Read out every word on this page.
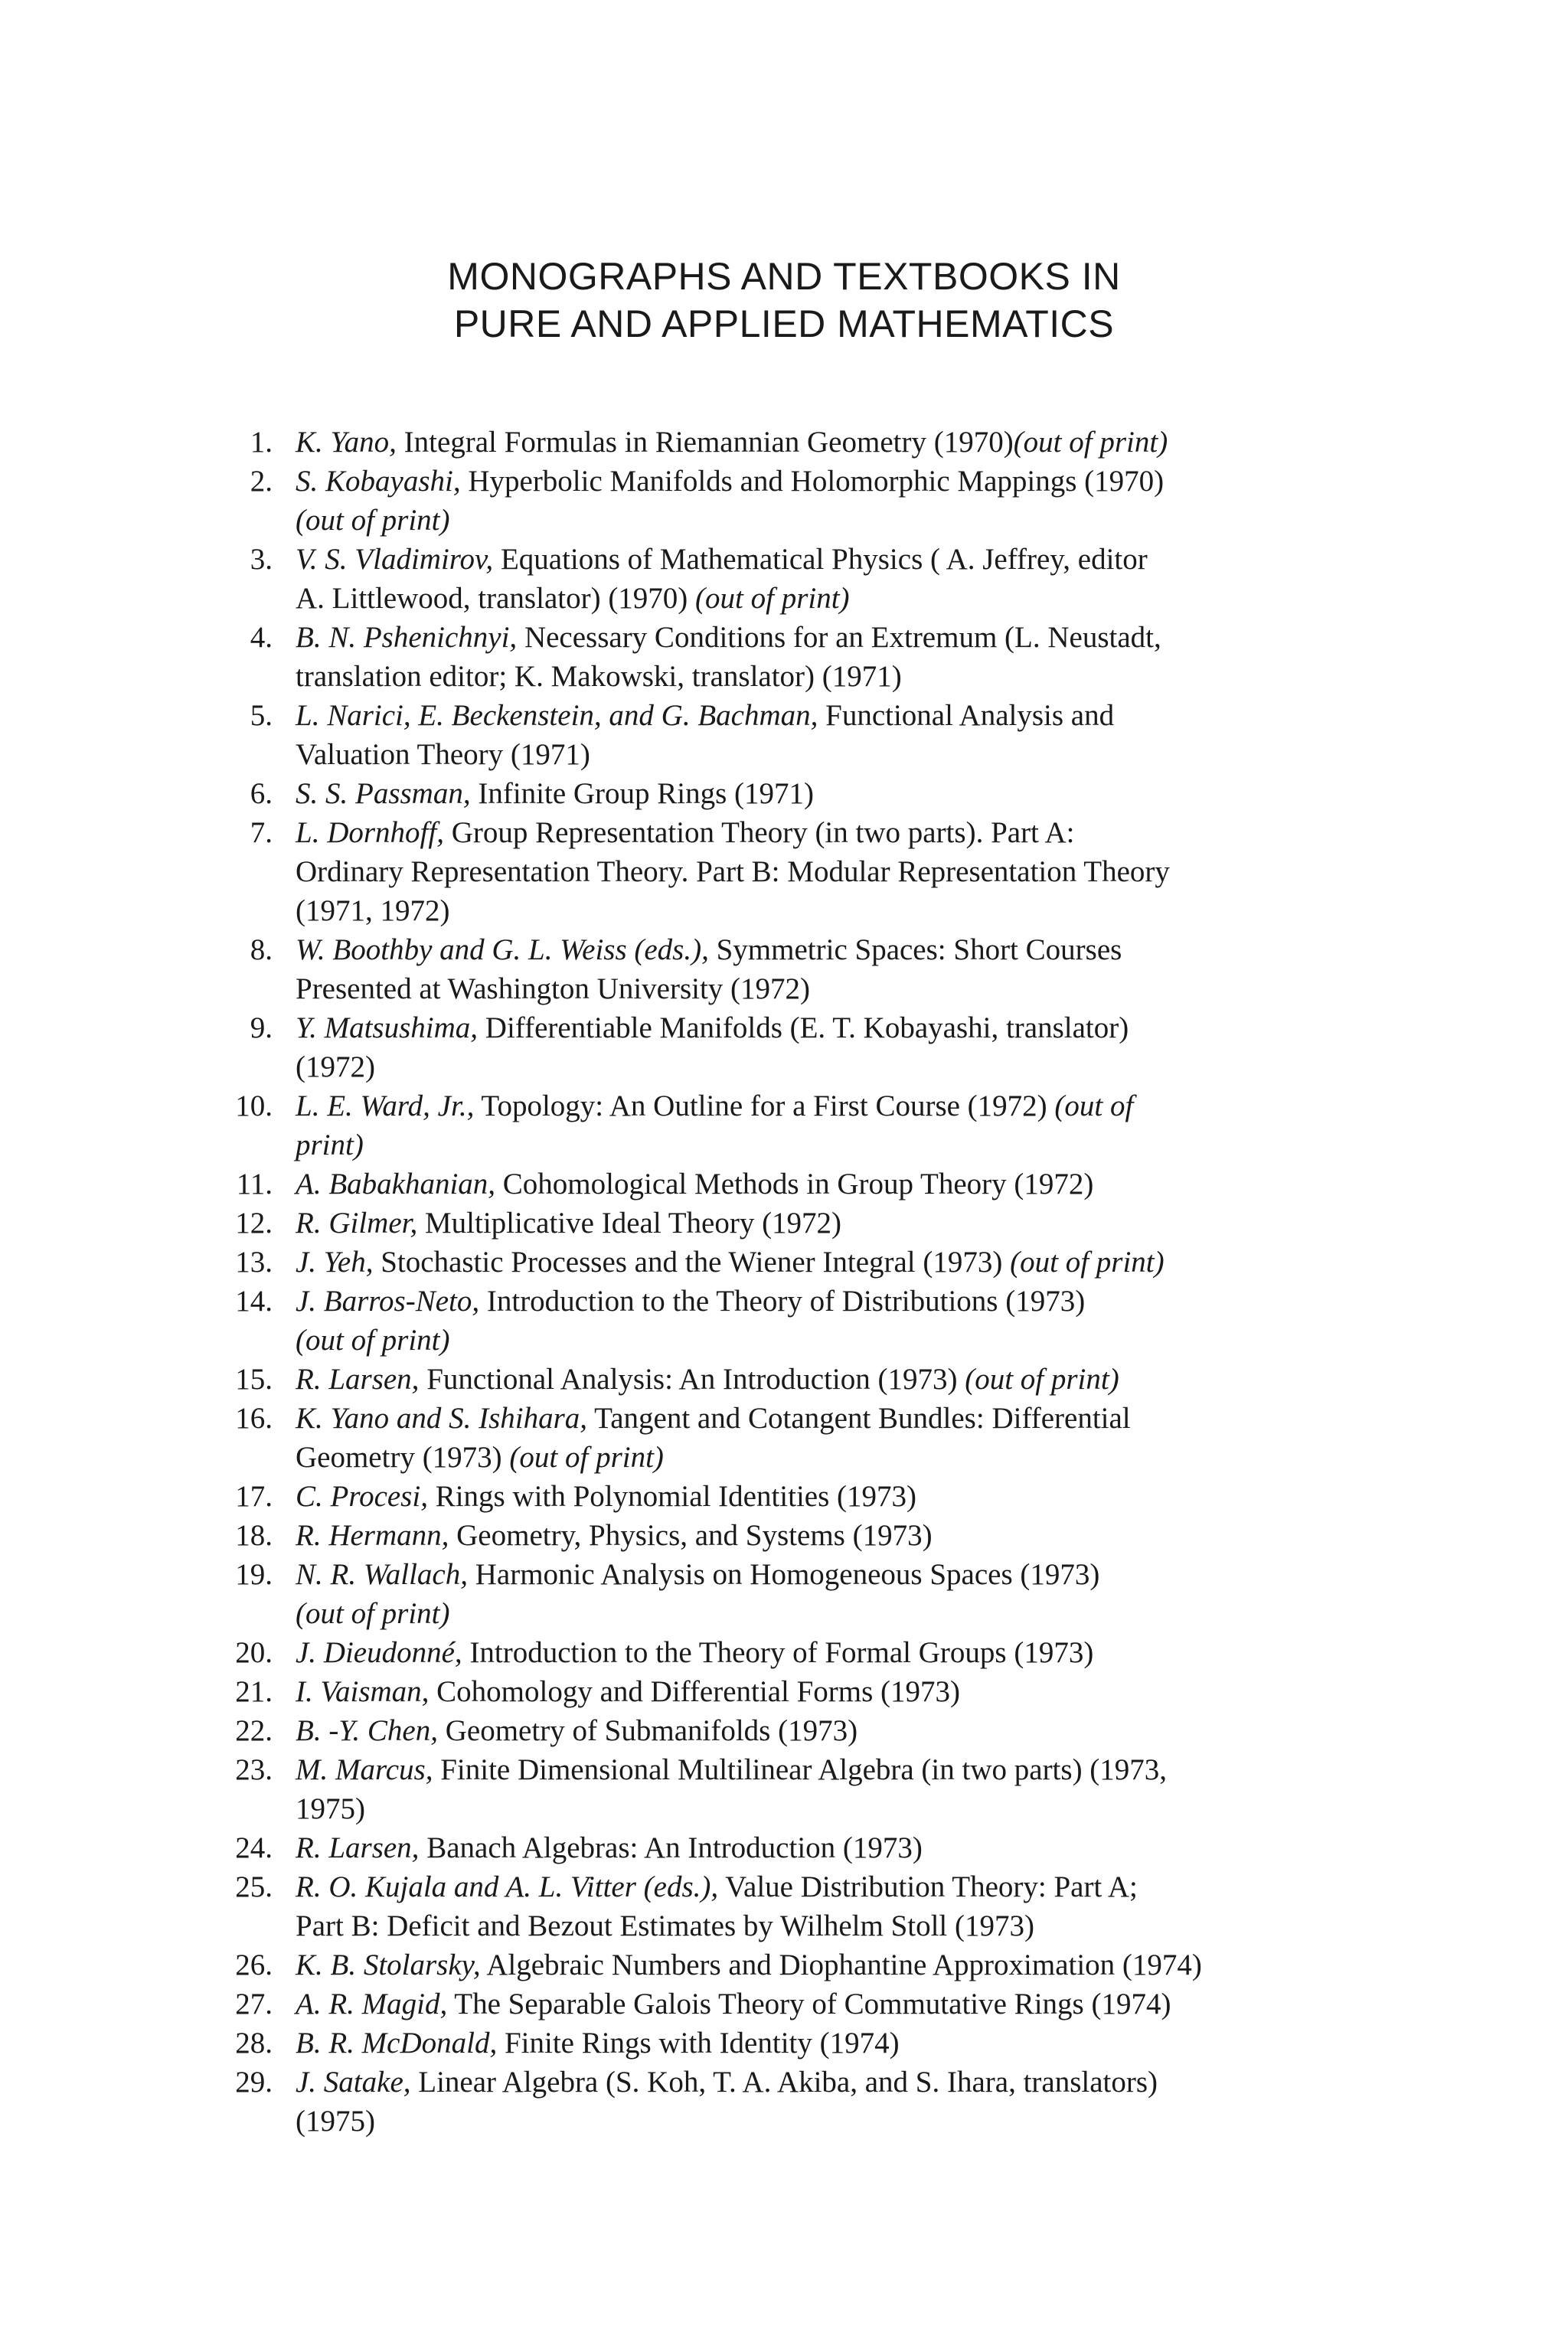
MONOGRAPHS AND TEXTBOOKS IN
PURE AND APPLIED MATHEMATICS
1. K. Yano, Integral Formulas in Riemannian Geometry (1970)(out of print)
2. S. Kobayashi, Hyperbolic Manifolds and Holomorphic Mappings (1970)
(out of print)
3. V. S. Vladimirov, Equations of Mathematical Physics ( A. Jeffrey, editor
A. Littlewood, translator) (1970) (out of print)
4. B. N. Pshenichnyi, Necessary Conditions for an Extremum (L. Neustadt,
translation editor; K. Makowski, translator) (1971)
5. L. Narici, E. Beckenstein, and G. Bachman, Functional Analysis and
Valuation Theory (1971)
6. S. S. Passman, Infinite Group Rings (1971)
7. L. Dornhoff, Group Representation Theory (in two parts). Part A:
Ordinary Representation Theory. Part B: Modular Representation Theory
(1971, 1972)
8. W. Boothby and G. L. Weiss (eds.), Symmetric Spaces: Short Courses
Presented at Washington University (1972)
9. Y. Matsushima, Differentiable Manifolds (E. T. Kobayashi, translator)
(1972)
10. L. E. Ward, Jr., Topology: An Outline for a First Course (1972) (out of
print)
11. A. Babakhanian, Cohomological Methods in Group Theory (1972)
12. R. Gilmer, Multiplicative Ideal Theory (1972)
13. J. Yeh, Stochastic Processes and the Wiener Integral (1973) (out of print)
14. J. Barros-Neto, Introduction to the Theory of Distributions (1973)
(out of print)
15. R. Larsen, Functional Analysis: An Introduction (1973) (out of print)
16. K. Yano and S. Ishihara, Tangent and Cotangent Bundles: Differential
Geometry (1973) (out of print)
17. C. Procesi, Rings with Polynomial Identities (1973)
18. R. Hermann, Geometry, Physics, and Systems (1973)
19. N. R. Wallach, Harmonic Analysis on Homogeneous Spaces (1973)
(out of print)
20. J. Dieudonné, Introduction to the Theory of Formal Groups (1973)
21. I. Vaisman, Cohomology and Differential Forms (1973)
22. B. -Y. Chen, Geometry of Submanifolds (1973)
23. M. Marcus, Finite Dimensional Multilinear Algebra (in two parts) (1973,
1975)
24. R. Larsen, Banach Algebras: An Introduction (1973)
25. R. O. Kujala and A. L. Vitter (eds.), Value Distribution Theory: Part A;
Part B: Deficit and Bezout Estimates by Wilhelm Stoll (1973)
26. K. B. Stolarsky, Algebraic Numbers and Diophantine Approximation (1974)
27. A. R. Magid, The Separable Galois Theory of Commutative Rings (1974)
28. B. R. McDonald, Finite Rings with Identity (1974)
29. J. Satake, Linear Algebra (S. Koh, T. A. Akiba, and S. Ihara, translators)
(1975)
